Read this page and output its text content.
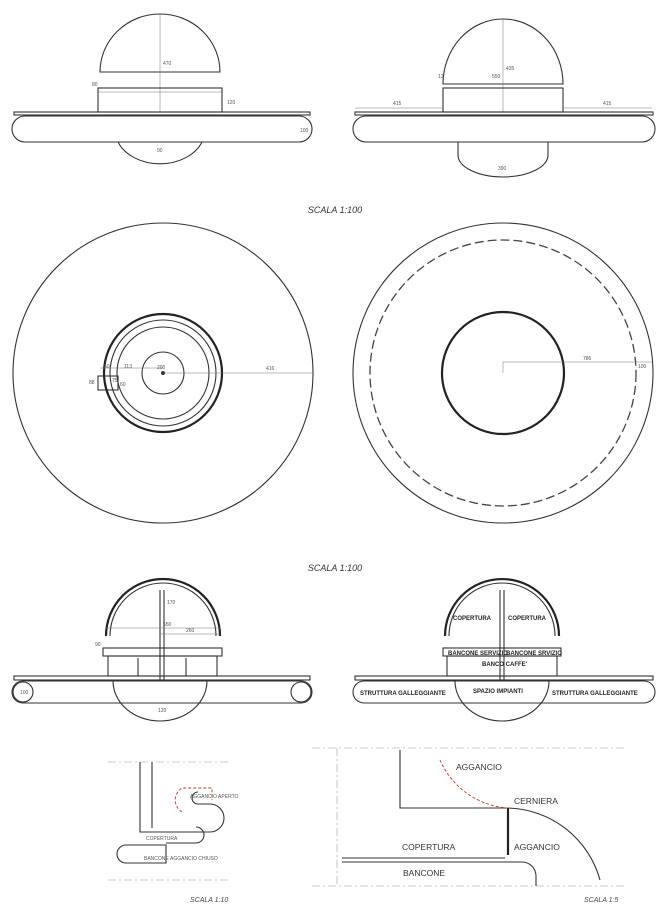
470
80
120
100
90
435
550
415	415
12
390
SCALA 1:100
416
200
113
50
88	75
60
786
100
SCALA 1:100
550
260
90
170
100
120
COPERTURA	COPERTURA
BANCONE SERVIZIO
BANCONE SRVIZIO
BANCO CAFFE'
STRUTTURA GALLEGGIANTE	SPAZIO IMPIANTI	STRUTTURA GALLEGGIANTE
AGGANCIO APERTO
COPERTURA
BANCONE AGGANCIO CHIUSO
SCALA 1:10
AGGANCIO
CERNIERA
COPERTURA	AGGANCIO
BANCONE
SCALA 1:5
